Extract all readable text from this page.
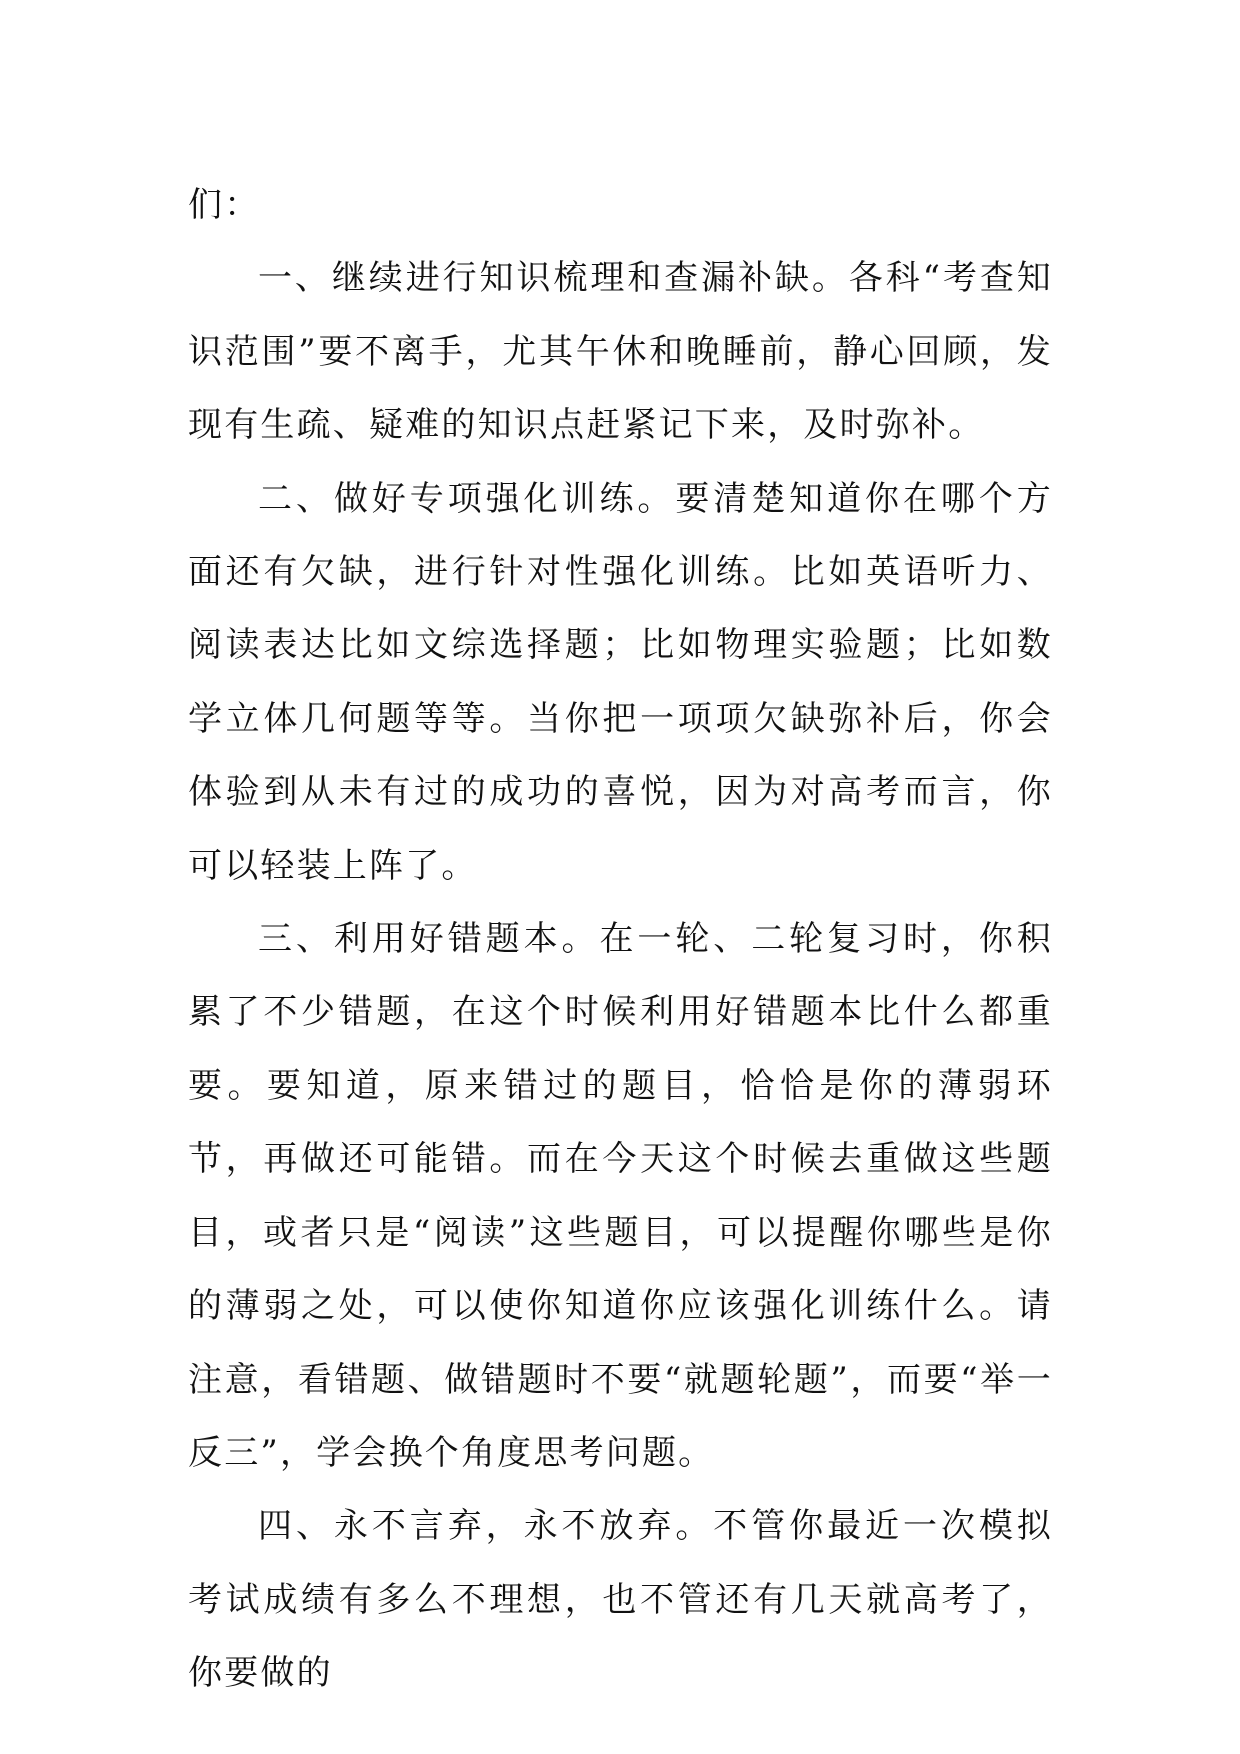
们：

一、继续进行知识梳理和查漏补缺。各科“考查知识范围”要不离手，尤其午休和晚睡前，静心回顾，发现有生疏、疑难的知识点赶紧记下来，及时弥补。

二、做好专项强化训练。要清楚知道你在哪个方面还有欠缺，进行针对性强化训练。比如英语听力、阅读表达比如文综选择题；比如物理实验题；比如数学立体几何题等等。当你把一项项欠缺弥补后，你会体验到从未有过的成功的喜悦，因为对高考而言，你可以轻装上阵了。

三、利用好错题本。在一轮、二轮复习时，你积累了不少错题，在这个时候利用好错题本比什么都重要。要知道，原来错过的题目，恰恰是你的薄弱环节，再做还可能错。而在今天这个时候去重做这些题目，或者只是“阅读”这些题目，可以提醒你哪些是你的薄弱之处，可以使你知道你应该强化训练什么。请注意，看错题、做错题时不要“就题轮题”，而要“举一反三”，学会换个角度思考问题。

四、永不言弃，永不放弃。不管你最近一次模拟考试成绩有多么不理想，也不管还有几天就高考了，你要做的
